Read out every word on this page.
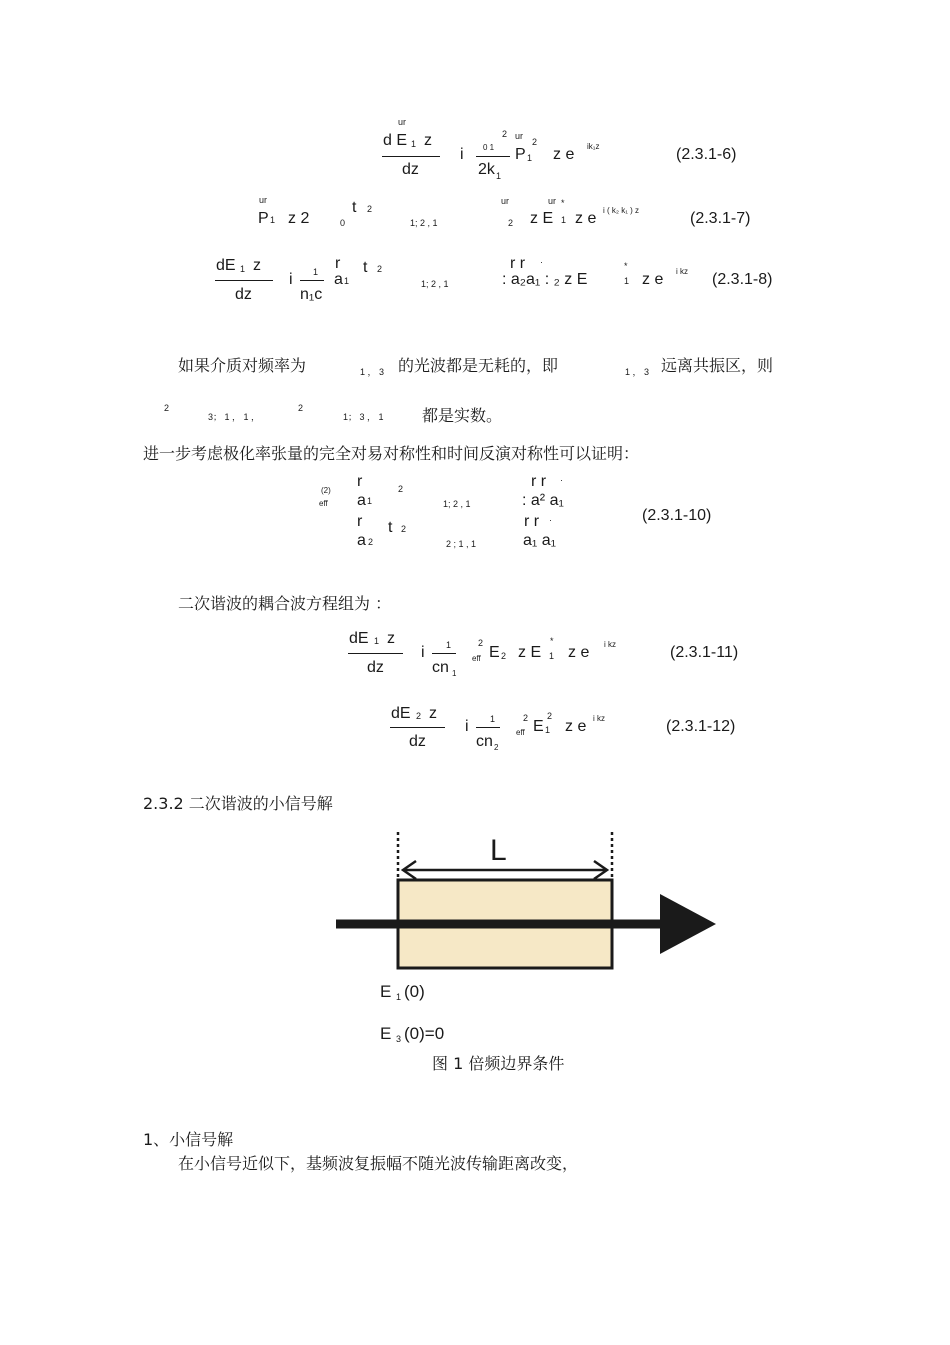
ur
d E 1 z
dz
i 0 1
2
2k 1
ur
P 1
2
z e ik₁z	(2.3.1-6)
ur
P 1 z 2	0
t 2
1; 2 , 1
ur
2
ur *
z E 1 z e i ( k₂ k₁ ) z	(2.3.1-7)
dE 1 z
dz
i 1
n₁c
r
a 1
t 2
1; 2 , 1
r r ·
: a₂a₁ : ₂ z E	1
*
z e i kz (2.3.1-8)
如果介质对频率为	1 ， 3 的光波都是无耗的，即	1 ， 3 远离共振区，则
2
3； 1 ， 1 ，
2
1； 3 ， 1 都是实数。
进一步考虑极化率张量的完全对易对称性和时间反演对称性可以证明：
(2)
eff
r
a 1
2
1; 2 , 1
r r ·
: a² a₁
r
a 2
t 2
2 ; 1 , 1
r r ·
a₁ a₁
(2.3.1-10)
二次谐波的耦合波方程组为 ：
dE 1 z
dz
i 1
cn 1
2
eff E 2 z E 1
*
z e i kz	(2.3.1-11)
dE 2 z
dz
i 1
cn 2
2
eff E 1
2
z e i kz	(2.3.1-12)
2.3.2 二次谐波的小信号解
L
E 1 (0)
E 3 (0)=0
图 1 倍频边界条件
1、小信号解
在小信号近似下，基频波复振幅不随光波传输距离改变，
